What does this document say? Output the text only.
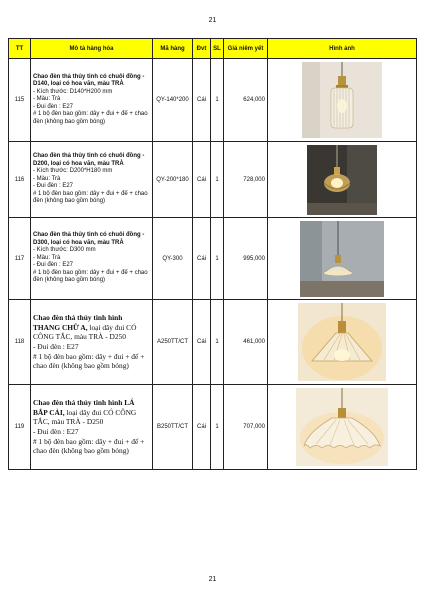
21
TT	Mô tả hàng hóa	Mã hàng	Đvt	SL	Giá niêm yết	Hình ảnh
115	Chao đèn thả thủy tinh có chuôi đồng - D140, loại có hoa văn, màu TRÀ
- Kích thước: D140*H200 mm
- Màu: Trà
- Đui đèn : E27
# 1 bộ đèn bao gồm: dây + đui + đế + chao đèn (không bao gồm bóng)	QY-140*200	Cái	1	624,000	

116	Chao đèn thả thủy tinh có chuôi đồng - D200, loại có hoa văn, màu TRÀ
- Kích thước: D200*H180 mm
- Màu: Trà
- Đui đèn : E27
# 1 bộ đèn bao gồm: dây + đui + đế + chao đèn (không bao gồm bóng)	QY-200*180	Cái	1	728,000	

117	Chao đèn thả thủy tinh có chuôi đồng - D300, loại có hoa văn, màu TRÀ
- Kích thước: D300 mm
- Màu: Trà
- Đui đèn : E27
# 1 bộ đèn bao gồm: dây + đui + đế + chao đèn (không bao gồm bóng)	QY-300	Cái	1	995,000	

118	Chao đèn thả thủy tinh hình THANG CHỮ A, loại dây đui CÓ CÔNG TẮC, màu TRÀ - D250
- Đui đèn : E27
# 1 bộ đèn bao gồm: dây + đui + đế + chao đèn (không bao gồm bóng)	A250TT/CT	Cái	1	461,000	

119	Chao đèn thả thủy tinh hình LÁ BẮP CẢI, loại dây đui CÓ CÔNG TẮC, màu TRÀ - D250
- Đui đèn : E27
# 1 bộ đèn bao gồm: dây + đui + đế + chao đèn (không bao gồm bóng)	B250TT/CT	Cái	1	707,000	
21
